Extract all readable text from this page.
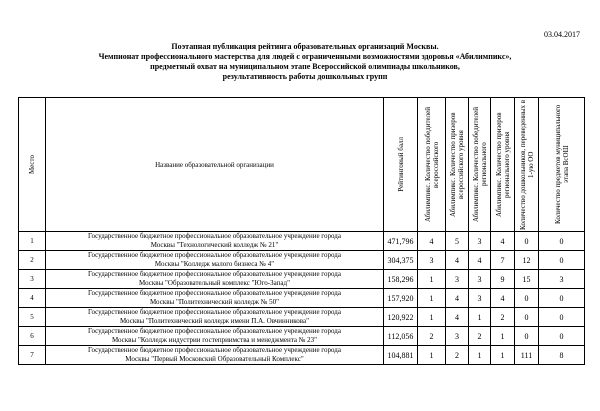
03.04.2017
Поэтапная публикация рейтинга образовательных организаций Москвы.
Чемпионат профессионального мастерства для людей с ограниченными возможностями здоровья «Абилимпикс»,
предметный охват на муниципальном этапе Всероссийской олимпиады школьников,
результативность работы дошкольных групп
Место	Название образовательной организации	Рейтинговый балл	Абилимпикс. Количество победителей всероссийского	Абилимпикс. Количество призеров всероссийского уровня	Абилимпикс. Количество победителей регионального	Абилимпикс. Количество призеров регионального уровня	Количество дошкольников, переведенных в 1-ую ОО	Количество предметов муниципального этапа ВсОШ

1	Государственное бюджетное профессиональное образовательное учреждение города
Москвы "Технологический колледж № 21"	471,796	4	5	3	4	0	0
2	Государственное бюджетное профессиональное образовательное учреждение города
Москвы "Колледж малого бизнеса № 4"	304,375	3	4	4	7	12	0
3	Государственное бюджетное профессиональное образовательное учреждение города
Москвы "Образовательный комплекс "Юго-Запад"	158,296	1	3	3	9	15	3
4	Государственное бюджетное профессиональное образовательное учреждение города
Москвы "Политехнический колледж № 50"	157,920	1	4	3	4	0	0
5	Государственное бюджетное профессиональное образовательное учреждение города
Москвы "Политехнический колледж имени П.А. Овчинникова"	120,922	1	4	1	2	0	0
6	Государственное бюджетное профессиональное образовательное учреждение города
Москвы "Колледж индустрии гостеприимства и менеджмента № 23"	112,056	2	3	2	1	0	0
7	Государственное бюджетное профессиональное образовательное учреждение города
Москвы "Первый Московский Образовательный Комплекс"	104,881	1	2	1	1	111	8
